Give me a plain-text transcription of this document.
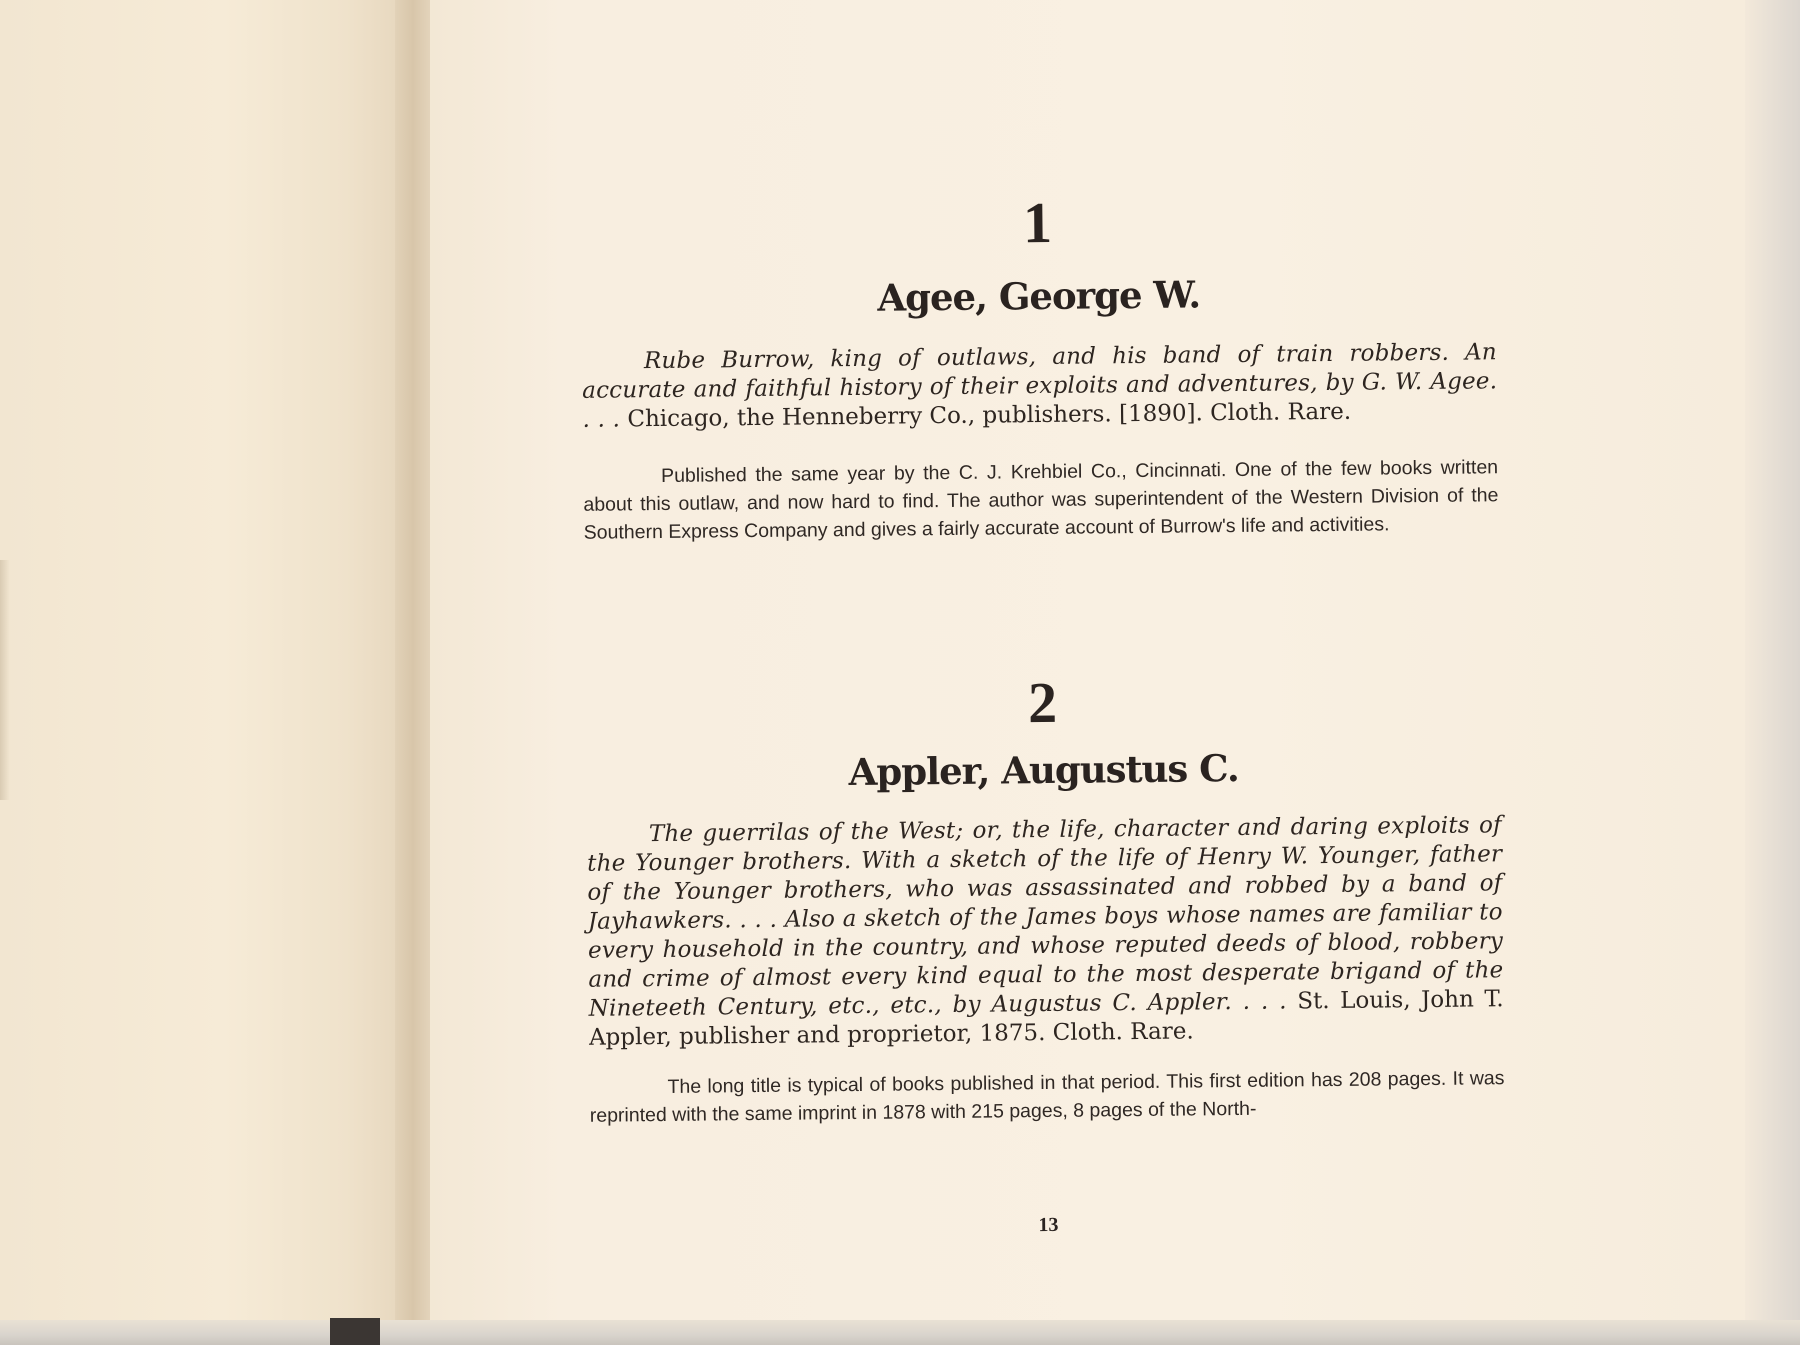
1
Agee, George W.
Rube Burrow, king of outlaws, and his band of train robbers. An accurate and faithful history of their exploits and adventures, by G. W. Agee. . . . Chicago, the Henneberry Co., publishers. [1890]. Cloth. Rare.
Published the same year by the C. J. Krehbiel Co., Cincinnati. One of the few books written about this outlaw, and now hard to find. The author was superintendent of the Western Division of the Southern Express Company and gives a fairly accurate account of Burrow's life and activities.
2
Appler, Augustus C.
The guerrilas of the West; or, the life, character and daring exploits of the Younger brothers. With a sketch of the life of Henry W. Younger, father of the Younger brothers, who was assassinated and robbed by a band of Jayhawkers. . . . Also a sketch of the James boys whose names are familiar to every household in the country, and whose reputed deeds of blood, robbery and crime of almost every kind equal to the most desperate brigand of the Nineteeth Century, etc., etc., by Augustus C. Appler. . . . St. Louis, John T. Appler, publisher and proprietor, 1875. Cloth. Rare.
The long title is typical of books published in that period. This first edition has 208 pages. It was reprinted with the same imprint in 1878 with 215 pages, 8 pages of the North-
13
